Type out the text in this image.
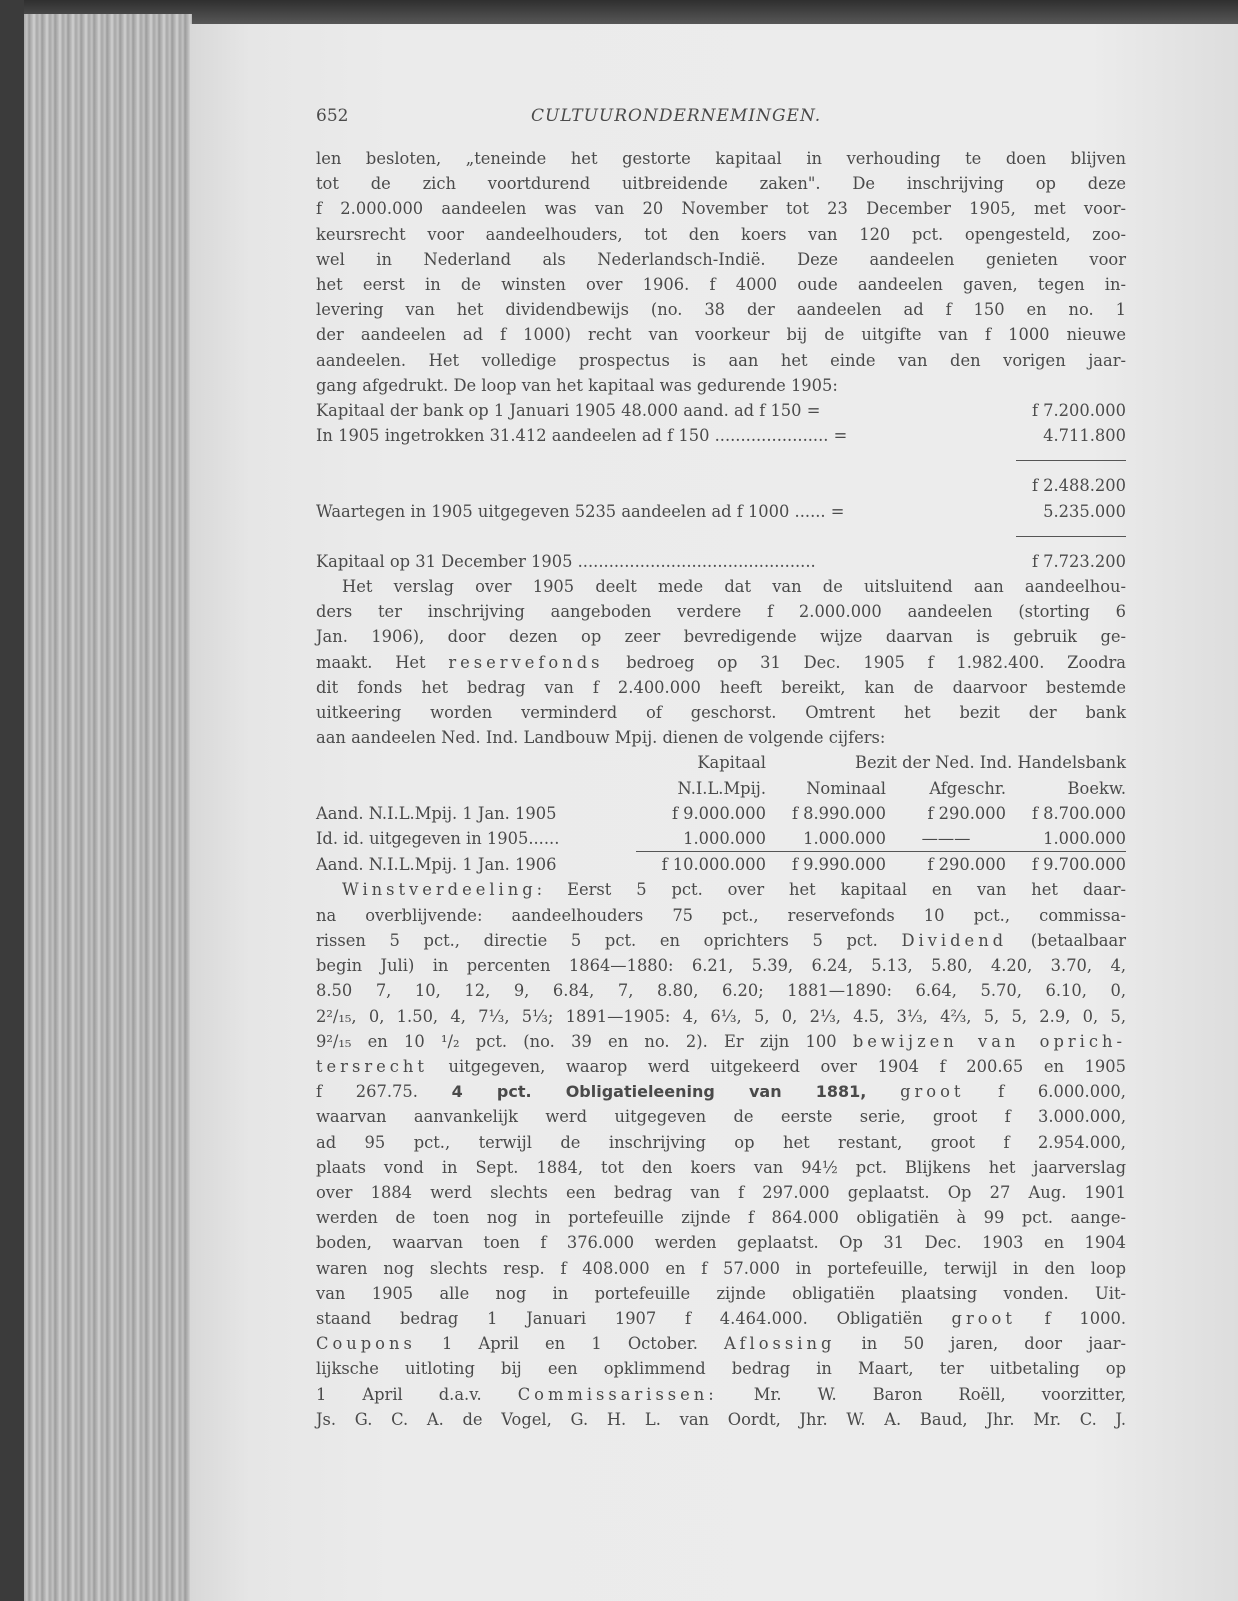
652	CULTUURONDERNEMINGEN.
len besloten, „teneinde het gestorte kapitaal in verhouding te doen blijven
tot de zich voortdurend uitbreidende zaken". De inschrijving op deze
f 2.000.000 aandeelen was van 20 November tot 23 December 1905, met voor-
keursrecht voor aandeelhouders, tot den koers van 120 pct. opengesteld, zoo-
wel in Nederland als Nederlandsch-Indië. Deze aandeelen genieten voor
het eerst in de winsten over 1906. f 4000 oude aandeelen gaven, tegen in-
levering van het dividendbewijs (no. 38 der aandeelen ad f 150 en no. 1
der aandeelen ad f 1000) recht van voorkeur bij de uitgifte van f 1000 nieuwe
aandeelen. Het volledige prospectus is aan het einde van den vorigen jaar-
gang afgedrukt. De loop van het kapitaal was gedurende 1905:
Kapitaal der bank op 1 Januari 1905 48.000 aand. ad f 150 =	f 7.200.000
In 1905 ingetrokken 31.412 aandeelen ad f 150 ...................... =	4.711.800
f 2.488.200
Waartegen in 1905 uitgegeven 5235 aandeelen ad f 1000 ...... =	5.235.000
Kapitaal op 31 December 1905 ..............................................	f 7.723.200
Het verslag over 1905 deelt mede dat van de uitsluitend aan aandeelhou-
ders ter inschrijving aangeboden verdere f 2.000.000 aandeelen (storting 6
Jan. 1906), door dezen op zeer bevredigende wijze daarvan is gebruik ge-
maakt. Het reservefonds bedroeg op 31 Dec. 1905 f 1.982.400. Zoodra
dit fonds het bedrag van f 2.400.000 heeft bereikt, kan de daarvoor bestemde
uitkeering worden verminderd of geschorst. Omtrent het bezit der bank
aan aandeelen Ned. Ind. Landbouw Mpij. dienen de volgende cijfers:
	Kapitaal	Bezit der Ned. Ind. Handelsbank		
	N.I.L.Mpij.	Nominaal	Afgeschr.	Boekw.
Aand. N.I.L.Mpij. 1 Jan. 1905	f 9.000.000	f 8.990.000	f 290.000	f 8.700.000
Id. id. uitgegeven in 1905......	1.000.000	1.000.000	———	1.000.000
Aand. N.I.L.Mpij. 1 Jan. 1906	f 10.000.000	f 9.990.000	f 290.000	f 9.700.000
Winstverdeeling: Eerst 5 pct. over het kapitaal en van het daar-
na overblijvende: aandeelhouders 75 pct., reservefonds 10 pct., commissa-
rissen 5 pct., directie 5 pct. en oprichters 5 pct. Dividend (betaalbaar
begin Juli) in percenten 1864—1880: 6.21, 5.39, 6.24, 5.13, 5.80, 4.20, 3.70, 4,
8.50 7, 10, 12, 9, 6.84, 7, 8.80, 6.20; 1881—1890: 6.64, 5.70, 6.10, 0,
2²/₁₅, 0, 1.50, 4, 7⅓, 5⅓; 1891—1905: 4, 6⅓, 5, 0, 2⅓, 4.5, 3⅓, 4⅔, 5, 5, 2.9, 0, 5,
9²/₁₅ en 10 ¹/₂ pct. (no. 39 en no. 2). Er zijn 100 bewijzen van oprich-
tersrecht uitgegeven, waarop werd uitgekeerd over 1904 f 200.65 en 1905
f 267.75. 4 pct. Obligatieleening van 1881, groot f 6.000.000,
waarvan aanvankelijk werd uitgegeven de eerste serie, groot f 3.000.000,
ad 95 pct., terwijl de inschrijving op het restant, groot f 2.954.000,
plaats vond in Sept. 1884, tot den koers van 94½ pct. Blijkens het jaarverslag
over 1884 werd slechts een bedrag van f 297.000 geplaatst. Op 27 Aug. 1901
werden de toen nog in portefeuille zijnde f 864.000 obligatiën à 99 pct. aange-
boden, waarvan toen f 376.000 werden geplaatst. Op 31 Dec. 1903 en 1904
waren nog slechts resp. f 408.000 en f 57.000 in portefeuille, terwijl in den loop
van 1905 alle nog in portefeuille zijnde obligatiën plaatsing vonden. Uit-
staand bedrag 1 Januari 1907 f 4.464.000. Obligatiën groot f 1000.
Coupons 1 April en 1 October. Aflossing in 50 jaren, door jaar-
lijksche uitloting bij een opklimmend bedrag in Maart, ter uitbetaling op
1 April d.a.v. Commissarissen: Mr. W. Baron Roëll, voorzitter,
Js. G. C. A. de Vogel, G. H. L. van Oordt, Jhr. W. A. Baud, Jhr. Mr. C. J.
